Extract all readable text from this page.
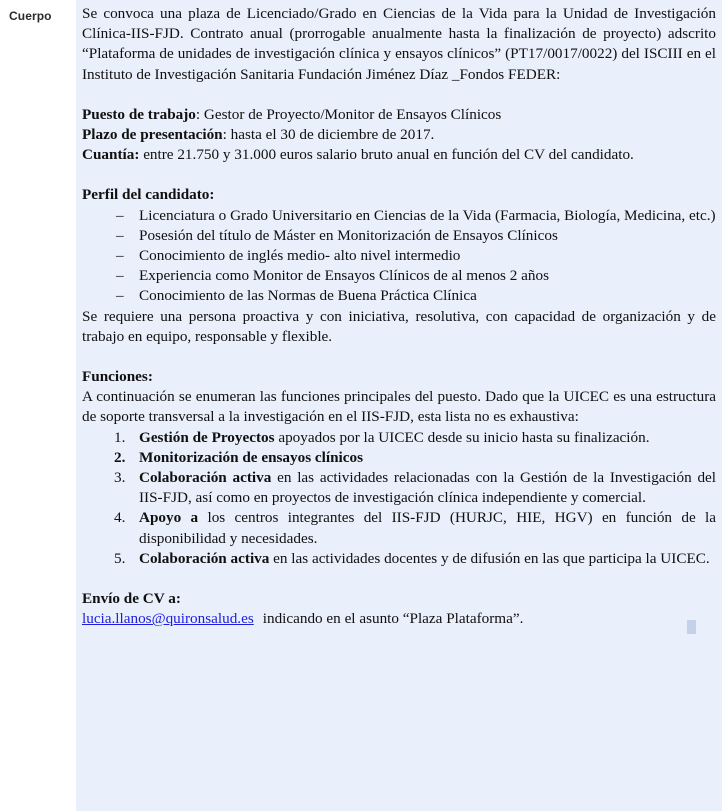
Cuerpo	Se convoca una plaza de Licenciado/Grado en Ciencias de la Vida para la Unidad de Investigación Clínica-IIS-FJD. Contrato anual (prorrogable anualmente hasta la finalización de proyecto) adscrito “Plataforma de unidades de investigación clínica y ensayos clínicos” (PT17/0017/0022) del ISCIII en el Instituto de Investigación Sanitaria Fundación Jiménez Díaz _Fondos FEDER:

Puesto de trabajo: Gestor de Proyecto/Monitor de Ensayos Clínicos

Plazo de presentación: hasta el 30 de diciembre de 2017.

Cuantía: entre 21.750 y 31.000 euros salario bruto anual en función del CV del candidato.

Perfil del candidato:

– Licenciatura o Grado Universitario en Ciencias de la Vida (Farmacia, Biología, Medicina, etc.)
– Posesión del título de Máster en Monitorización de Ensayos Clínicos
– Conocimiento de inglés medio- alto nivel intermedio
– Experiencia como Monitor de Ensayos Clínicos de al menos 2 años
– Conocimiento de las Normas de Buena Práctica Clínica

Se requiere una persona proactiva y con iniciativa, resolutiva, con capacidad de organización y de trabajo en equipo, responsable y flexible.

Funciones:

A continuación se enumeran las funciones principales del puesto. Dado que la UICEC es una estructura de soporte transversal a la investigación en el IIS-FJD, esta lista no es exhaustiva:

Gestión de Proyectos apoyados por la UICEC desde su inicio hasta su finalización.
Monitorización de ensayos clínicos
Colaboración activa en las actividades relacionadas con la Gestión de la Investigación del IIS-FJD, así como en proyectos de investigación clínica independiente y comercial.
Apoyo a los centros integrantes del IIS-FJD (HURJC, HIE, HGV) en función de la disponibilidad y necesidades.
Colaboración activa en las actividades docentes y de difusión en las que participa la UICEC.

Envío de CV a:

lucia.llanos@quironsalud.es indicando en el asunto “Plaza Plataforma”.
